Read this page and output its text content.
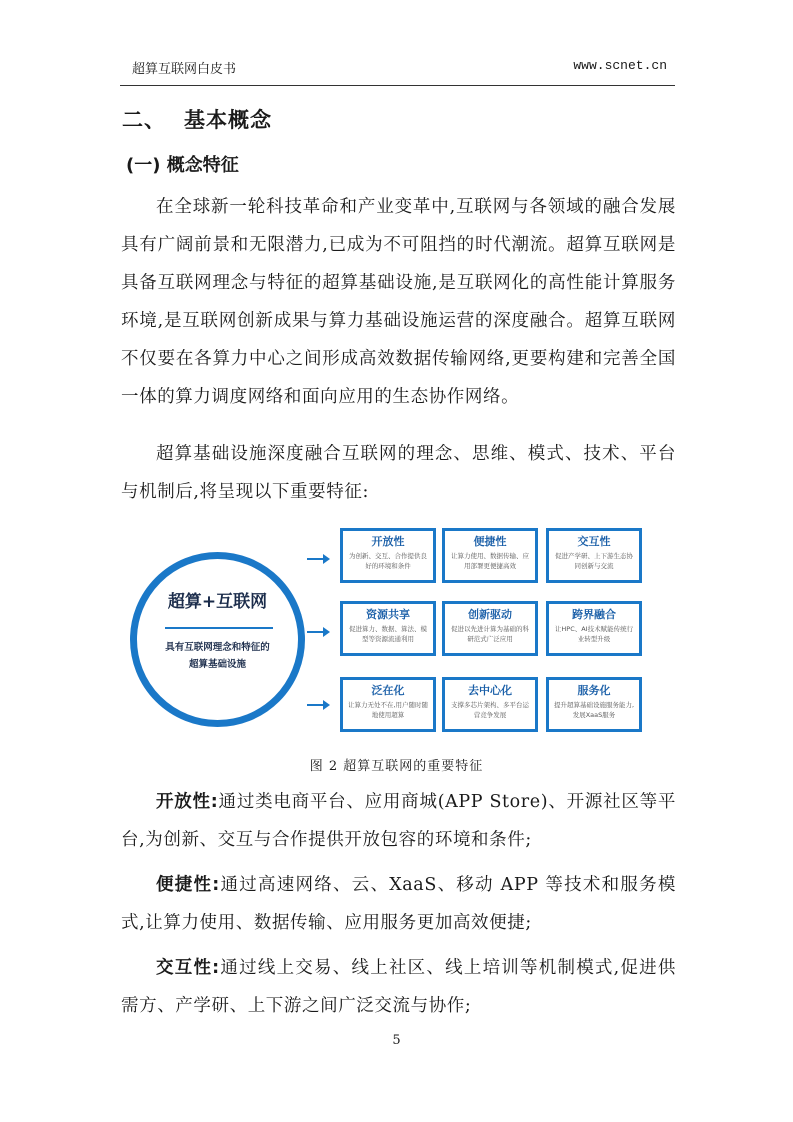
超算互联网白皮书	www.scnet.cn
二、 基本概念
(一) 概念特征

在全球新一轮科技革命和产业变革中,互联网与各领域的融合发展具有广阔前景和无限潜力,已成为不可阻挡的时代潮流。超算互联网是具备互联网理念与特征的超算基础设施,是互联网化的高性能计算服务环境,是互联网创新成果与算力基础设施运营的深度融合。超算互联网不仅要在各算力中心之间形成高效数据传输网络,更要构建和完善全国一体的算力调度网络和面向应用的生态协作网络。

超算基础设施深度融合互联网的理念、思维、模式、技术、平台与机制后,将呈现以下重要特征:

超算+互联网
具有互联网理念和特征的
超算基础设施
开放性
为创新、交互、合作提供良好的环境和条件
便捷性
让算力使用、数据传输、应用部署更便捷高效
交互性
促进产学研、上下游生态协同创新与交流
资源共享
促进算力、数据、算法、模型等资源流通利用
创新驱动
促进以先进计算为基础的科研范式广泛应用
跨界融合
让HPC、AI技术赋能传统行业转型升级
泛在化
让算力无处不在,用户随时随地使用超算
去中心化
支撑多芯片架构、多平台运营竞争发展
服务化
提升超算基础设施服务能力,发展XaaS服务
图 2 超算互联网的重要特征

开放性:通过类电商平台、应用商城(APP Store)、开源社区等平台,为创新、交互与合作提供开放包容的环境和条件;

便捷性:通过高速网络、云、XaaS、移动 APP 等技术和服务模式,让算力使用、数据传输、应用服务更加高效便捷;

交互性:通过线上交易、线上社区、线上培训等机制模式,促进供需方、产学研、上下游之间广泛交流与协作;

5
